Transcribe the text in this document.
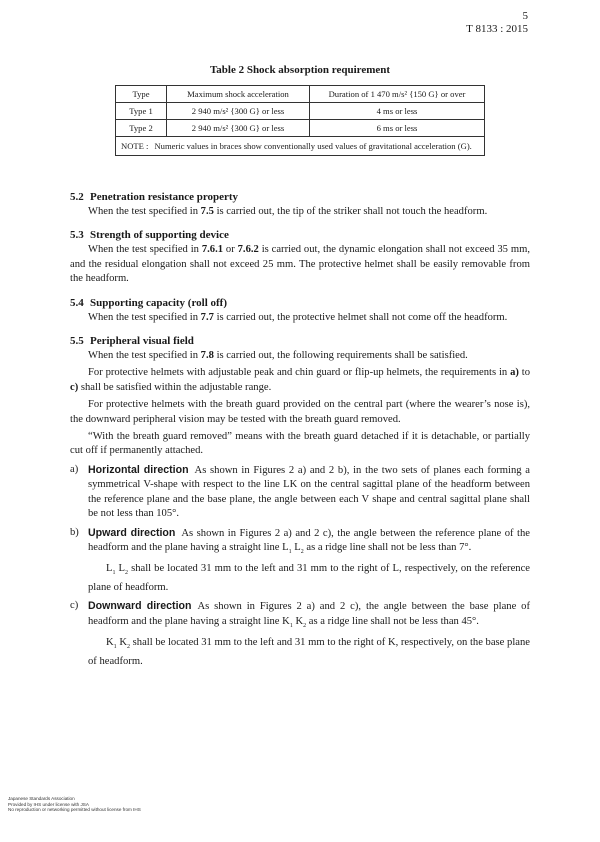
5
T 8133 : 2015
Table 2 Shock absorption requirement
Type	Maximum shock acceleration	Duration of 1 470 m/s² {150 G} or over
Type 1	2 940 m/s² {300 G} or less	4 ms or less
Type 2	2 940 m/s² {300 G} or less	6 ms or less

NOTE : Numeric values in braces show conventionally used values of gravitational acceleration (G).		
5.2 Penetration resistance property

When the test specified in 7.5 is carried out, the tip of the striker shall not touch the headform.

5.3 Strength of supporting device

When the test specified in 7.6.1 or 7.6.2 is carried out, the dynamic elongation shall not exceed 35 mm, and the residual elongation shall not exceed 25 mm. The protective helmet shall be easily removable from the headform.

5.4 Supporting capacity (roll off)

When the test specified in 7.7 is carried out, the protective helmet shall not come off the headform.

5.5 Peripheral visual field

When the test specified in 7.8 is carried out, the following requirements shall be satisfied.

For protective helmets with adjustable peak and chin guard or flip-up helmets, the requirements in a) to c) shall be satisfied within the adjustable range.

For protective helmets with the breath guard provided on the central part (where the wearer’s nose is), the downward peripheral vision may be tested with the breath guard removed.

“With the breath guard removed” means with the breath guard detached if it is detachable, or partially cut off if permanently attached.

a) Horizontal direction As shown in Figures 2 a) and 2 b), in the two sets of planes each forming a symmetrical V-shape with respect to the line LK on the central sagittal plane of the headform between the reference plane and the base plane, the angle between each V shape and central sagittal plane shall be not less than 105°.

b) Upward direction As shown in Figures 2 a) and 2 c), the angle between the reference plane of the headform and the plane having a straight line $L_1$ $L_2$ as a ridge line shall not be less than 7°.

$L_1$ $L_2$ shall be located 31 mm to the left and 31 mm to the right of L, respectively, on the reference plane of headform.

c) Downward direction As shown in Figures 2 a) and 2 c), the angle between the base plane of headform and the plane having a straight line $K_1$ $K_2$ as a ridge line shall not be less than 45°.

$K_1$ $K_2$ shall be located 31 mm to the left and 31 mm to the right of K, respectively, on the base plane of headform.

Japanese Standards Association
Provided by IHS under license with JSA
No reproduction or networking permitted without license from IHS
